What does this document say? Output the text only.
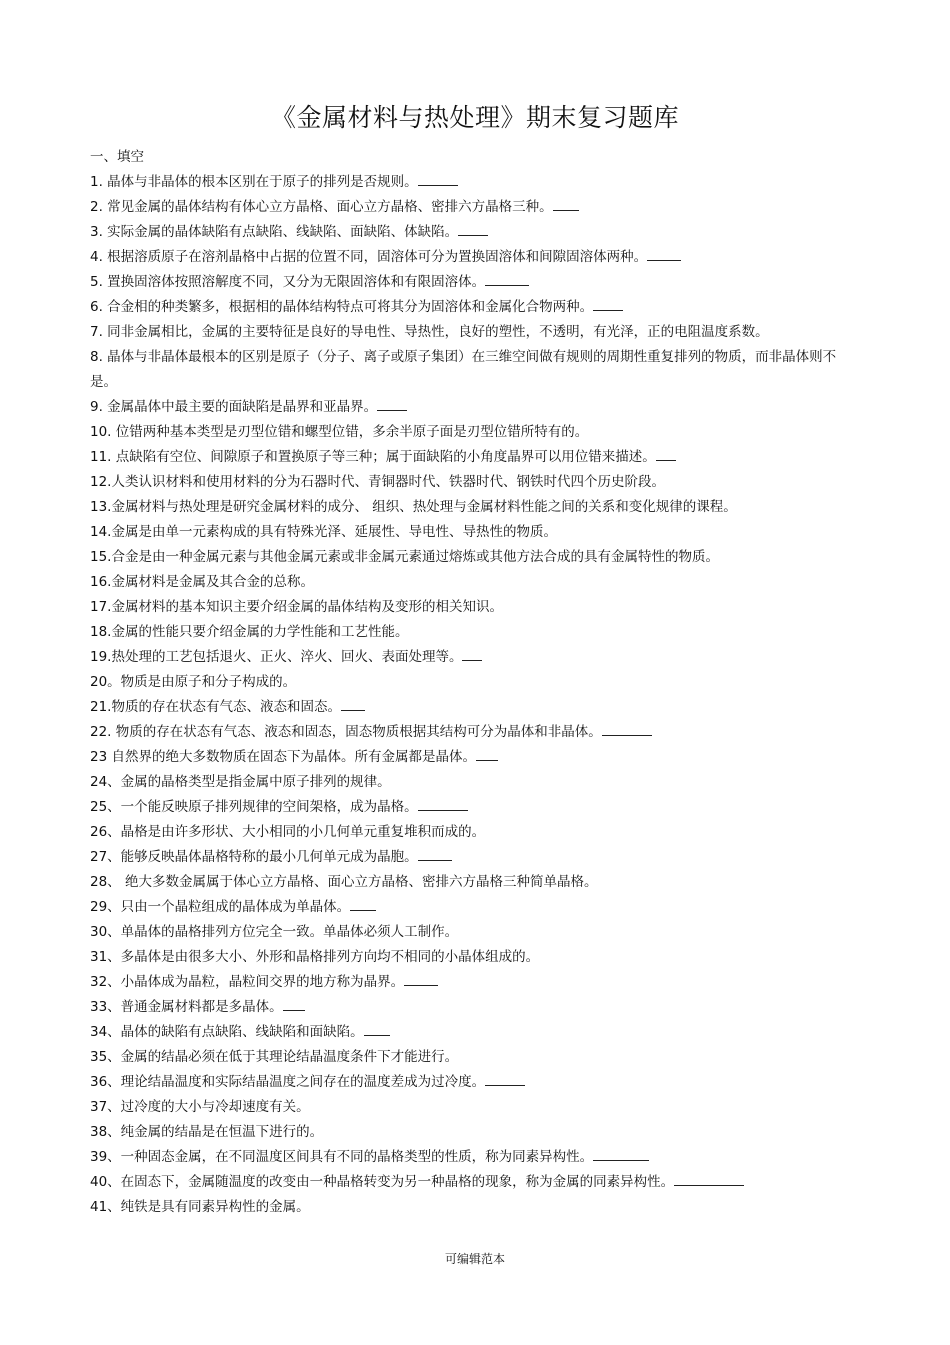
《金属材料与热处理》期末复习题库
一、填空
1. 晶体与非晶体的根本区别在于原子的排列是否规则。
2. 常见金属的晶体结构有体心立方晶格、面心立方晶格、密排六方晶格三种。
3. 实际金属的晶体缺陷有点缺陷、线缺陷、面缺陷、体缺陷。
4. 根据溶质原子在溶剂晶格中占据的位置不同，固溶体可分为置换固溶体和间隙固溶体两种。
5. 置换固溶体按照溶解度不同，又分为无限固溶体和有限固溶体。
6. 合金相的种类繁多，根据相的晶体结构特点可将其分为固溶体和金属化合物两种。
7. 同非金属相比，金属的主要特征是良好的导电性、导热性，良好的塑性，不透明，有光泽，正的电阻温度系数。
8. 晶体与非晶体最根本的区别是原子（分子、离子或原子集团）在三维空间做有规则的周期性重复排列的物质，而非晶体则不是。
9. 金属晶体中最主要的面缺陷是晶界和亚晶界。
10. 位错两种基本类型是刃型位错和螺型位错，多余半原子面是刃型位错所特有的。
11. 点缺陷有空位、间隙原子和置换原子等三种；属于面缺陷的小角度晶界可以用位错来描述。
12.人类认识材料和使用材料的分为石器时代、青铜器时代、铁器时代、钢铁时代四个历史阶段。
13.金属材料与热处理是研究金属材料的成分、 组织、热处理与金属材料性能之间的关系和变化规律的课程。
14.金属是由单一元素构成的具有特殊光泽、延展性、导电性、导热性的物质。
15.合金是由一种金属元素与其他金属元素或非金属元素通过熔炼或其他方法合成的具有金属特性的物质。
16.金属材料是金属及其合金的总称。
17.金属材料的基本知识主要介绍金属的晶体结构及变形的相关知识。
18.金属的性能只要介绍金属的力学性能和工艺性能。
19.热处理的工艺包括退火、正火、淬火、回火、表面处理等。
20。物质是由原子和分子构成的。
21.物质的存在状态有气态、液态和固态。
22. 物质的存在状态有气态、液态和固态，固态物质根据其结构可分为晶体和非晶体。
23 自然界的绝大多数物质在固态下为晶体。所有金属都是晶体。
24、金属的晶格类型是指金属中原子排列的规律。
25、一个能反映原子排列规律的空间架格，成为晶格。
26、晶格是由许多形状、大小相同的小几何单元重复堆积而成的。
27、能够反映晶体晶格特称的最小几何单元成为晶胞。
28、 绝大多数金属属于体心立方晶格、面心立方晶格、密排六方晶格三种简单晶格。
29、只由一个晶粒组成的晶体成为单晶体。
30、单晶体的晶格排列方位完全一致。单晶体必须人工制作。
31、多晶体是由很多大小、外形和晶格排列方向均不相同的小晶体组成的。
32、小晶体成为晶粒，晶粒间交界的地方称为晶界。
33、普通金属材料都是多晶体。
34、晶体的缺陷有点缺陷、线缺陷和面缺陷。
35、金属的结晶必须在低于其理论结晶温度条件下才能进行。
36、理论结晶温度和实际结晶温度之间存在的温度差成为过冷度。
37、过冷度的大小与冷却速度有关。
38、纯金属的结晶是在恒温下进行的。
39、一种固态金属，在不同温度区间具有不同的晶格类型的性质，称为同素异构性。
40、在固态下，金属随温度的改变由一种晶格转变为另一种晶格的现象，称为金属的同素异构性。
41、纯铁是具有同素异构性的金属。
可编辑范本
